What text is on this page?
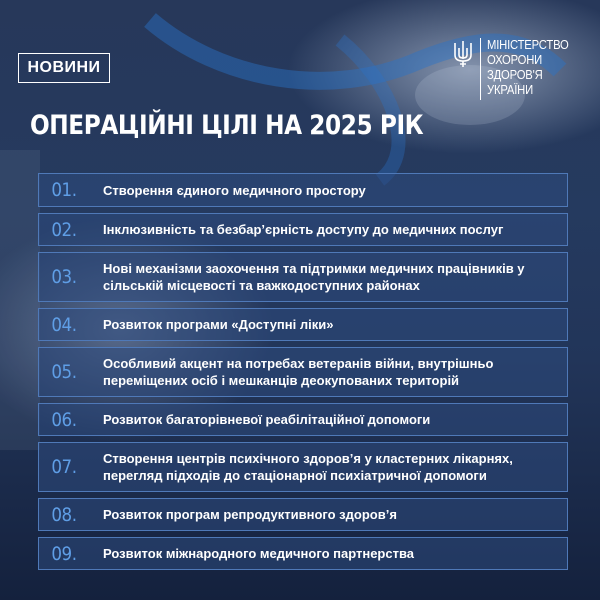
НОВИНИ
МІНІСТЕРСТВО
ОХОРОНИ
ЗДОРОВ'Я
УКРАЇНИ
ОПЕРАЦІЙНІ ЦІЛІ НА 2025 РІК
01.	Створення єдиного медичного простору
02.	Інклюзивність та безбар’єрність доступу до медичних послуг
03.	Нові механізми заохочення та підтримки медичних працівників у сільській місцевості та важкодоступних районах
04.	Розвиток програми «Доступні ліки»
05.	Особливий акцент на потребах ветеранів війни, внутрішньо переміщених осіб і мешканців деокупованих територій
06.	Розвиток багаторівневої реабілітаційної допомоги
07.	Створення центрів психічного здоров’я у кластерних лікарнях, перегляд підходів до стаціонарної психіатричної допомоги
08.	Розвиток програм репродуктивного здоров’я
09.	Розвиток міжнародного медичного партнерства
